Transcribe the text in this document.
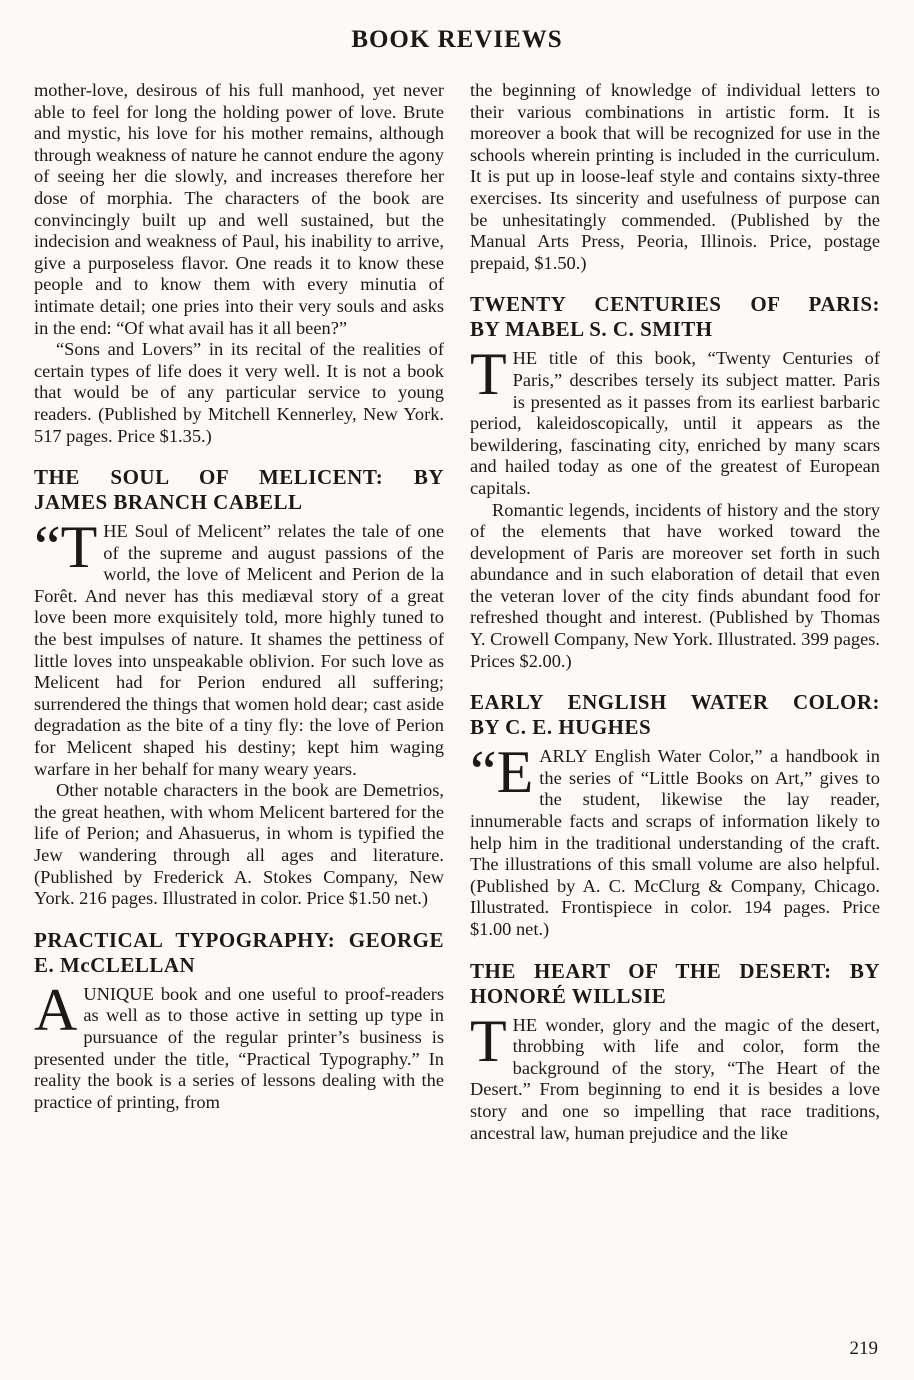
BOOK REVIEWS

mother-love, desirous of his full manhood, yet never able to feel for long the holding power of love. Brute and mystic, his love for his mother remains, although through weakness of nature he cannot endure the agony of seeing her die slowly, and increases therefore her dose of morphia. The characters of the book are convincingly built up and well sustained, but the indecision and weakness of Paul, his inability to arrive, give a purposeless flavor. One reads it to know these people and to know them with every minutia of intimate detail; one pries into their very souls and asks in the end: “Of what avail has it all been?”

“Sons and Lovers” in its recital of the realities of certain types of life does it very well. It is not a book that would be of any particular service to young readers. (Published by Mitchell Kennerley, New York. 517 pages. Price $1.35.)

THE SOUL OF MELICENT: BY
JAMES BRANCH CABELL

“T HE Soul of Melicent” relates the tale of one of the supreme and august passions of the world, the love of Melicent and Perion de la Forêt. And never has this mediæval story of a great love been more exquisitely told, more highly tuned to the best impulses of nature. It shames the pettiness of little loves into unspeakable oblivion. For such love as Melicent had for Perion endured all suffering; surrendered the things that women hold dear; cast aside degradation as the bite of a tiny fly: the love of Perion for Melicent shaped his destiny; kept him waging warfare in her behalf for many weary years.

Other notable characters in the book are Demetrios, the great heathen, with whom Melicent bartered for the life of Perion; and Ahasuerus, in whom is typified the Jew wandering through all ages and literature. (Published by Frederick A. Stokes Company, New York. 216 pages. Illustrated in color. Price $1.50 net.)

PRACTICAL TYPOGRAPHY: GEORGE
E. McCLELLAN

A UNIQUE book and one useful to proof-readers as well as to those active in setting up type in pursuance of the regular printer’s business is presented under the title, “Practical Typography.” In reality the book is a series of lessons dealing with the practice of printing, from

the beginning of knowledge of individual letters to their various combinations in artistic form. It is moreover a book that will be recognized for use in the schools wherein printing is included in the curriculum. It is put up in loose-leaf style and contains sixty-three exercises. Its sincerity and usefulness of purpose can be unhesitatingly commended. (Published by the Manual Arts Press, Peoria, Illinois. Price, postage prepaid, $1.50.)

TWENTY CENTURIES OF PARIS:
BY MABEL S. C. SMITH

T HE title of this book, “Twenty Centuries of Paris,” describes tersely its subject matter. Paris is presented as it passes from its earliest barbaric period, kaleidoscopically, until it appears as the bewildering, fascinating city, enriched by many scars and hailed today as one of the greatest of European capitals.

Romantic legends, incidents of history and the story of the elements that have worked toward the development of Paris are moreover set forth in such abundance and in such elaboration of detail that even the veteran lover of the city finds abundant food for refreshed thought and interest. (Published by Thomas Y. Crowell Company, New York. Illustrated. 399 pages. Prices $2.00.)

EARLY ENGLISH WATER COLOR:
BY C. E. HUGHES

“E ARLY English Water Color,” a handbook in the series of “Little Books on Art,” gives to the student, likewise the lay reader, innumerable facts and scraps of information likely to help him in the traditional understanding of the craft. The illustrations of this small volume are also helpful. (Published by A. C. McClurg & Company, Chicago. Illustrated. Frontispiece in color. 194 pages. Price $1.00 net.)

THE HEART OF THE DESERT: BY
HONORÉ WILLSIE

T HE wonder, glory and the magic of the desert, throbbing with life and color, form the background of the story, “The Heart of the Desert.” From beginning to end it is besides a love story and one so impelling that race traditions, ancestral law, human prejudice and the like

219
